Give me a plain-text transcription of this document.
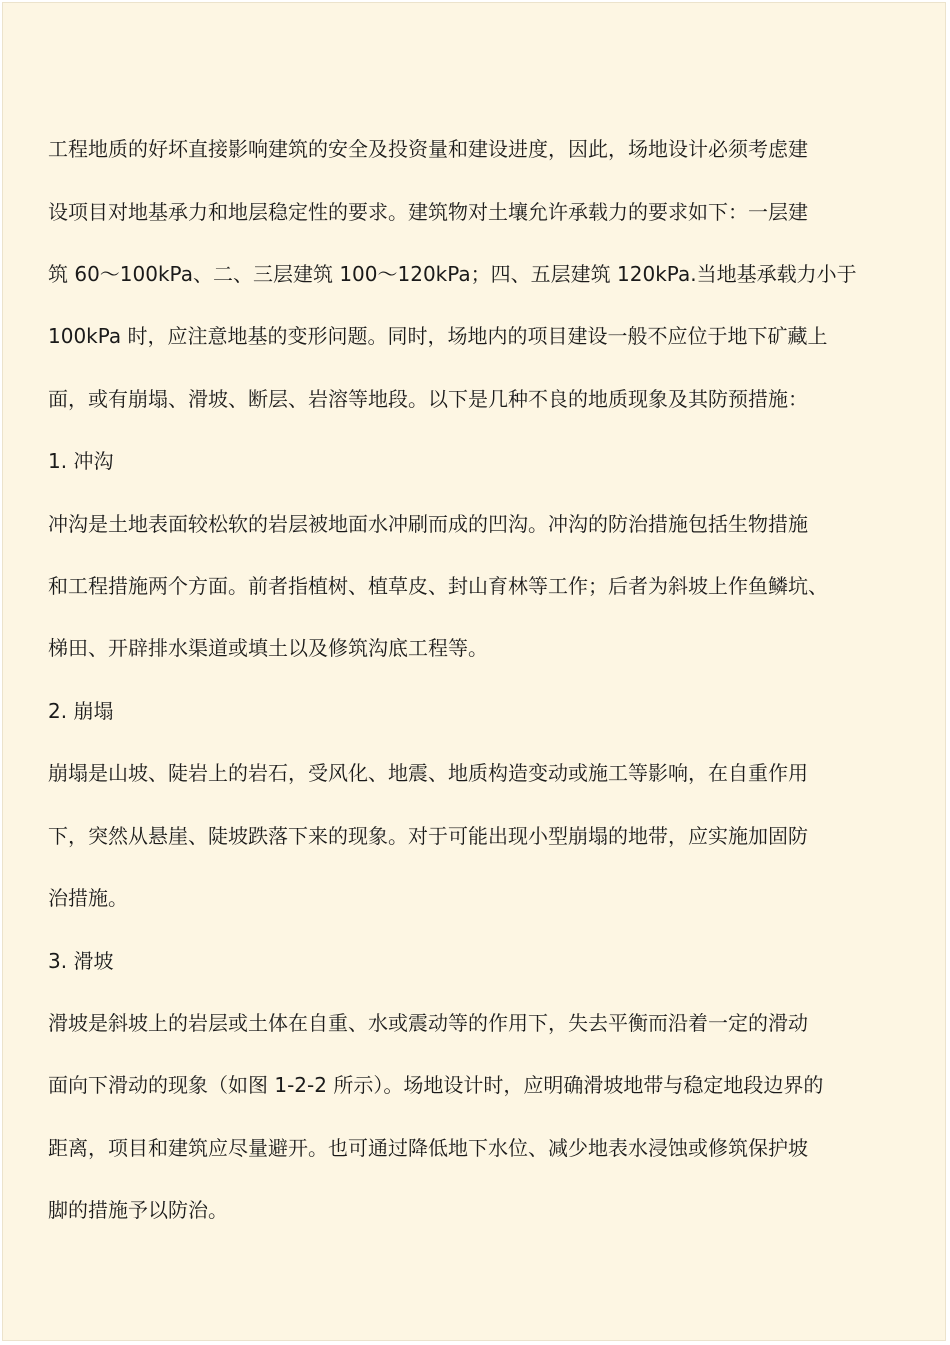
工程地质的好坏直接影响建筑的安全及投资量和建设进度，因此，场地设计必须考虑建

设项目对地基承力和地层稳定性的要求。建筑物对土壤允许承载力的要求如下：一层建

筑 60～100kPa、二、三层建筑 100～120kPa；四、五层建筑 120kPa.当地基承载力小于

100kPa 时，应注意地基的变形问题。同时，场地内的项目建设一般不应位于地下矿藏上

面，或有崩塌、滑坡、断层、岩溶等地段。以下是几种不良的地质现象及其防预措施：

1. 冲沟

冲沟是土地表面较松软的岩层被地面水冲刷而成的凹沟。冲沟的防治措施包括生物措施

和工程措施两个方面。前者指植树、植草皮、封山育林等工作；后者为斜坡上作鱼鳞坑、

梯田、开辟排水渠道或填土以及修筑沟底工程等。

2. 崩塌

崩塌是山坡、陡岩上的岩石，受风化、地震、地质构造变动或施工等影响，在自重作用

下，突然从悬崖、陡坡跌落下来的现象。对于可能出现小型崩塌的地带，应实施加固防

治措施。

3. 滑坡

滑坡是斜坡上的岩层或土体在自重、水或震动等的作用下，失去平衡而沿着一定的滑动

面向下滑动的现象（如图 1-2-2 所示）。场地设计时，应明确滑坡地带与稳定地段边界的

距离，项目和建筑应尽量避开。也可通过降低地下水位、减少地表水浸蚀或修筑保护坡

脚的措施予以防治。
